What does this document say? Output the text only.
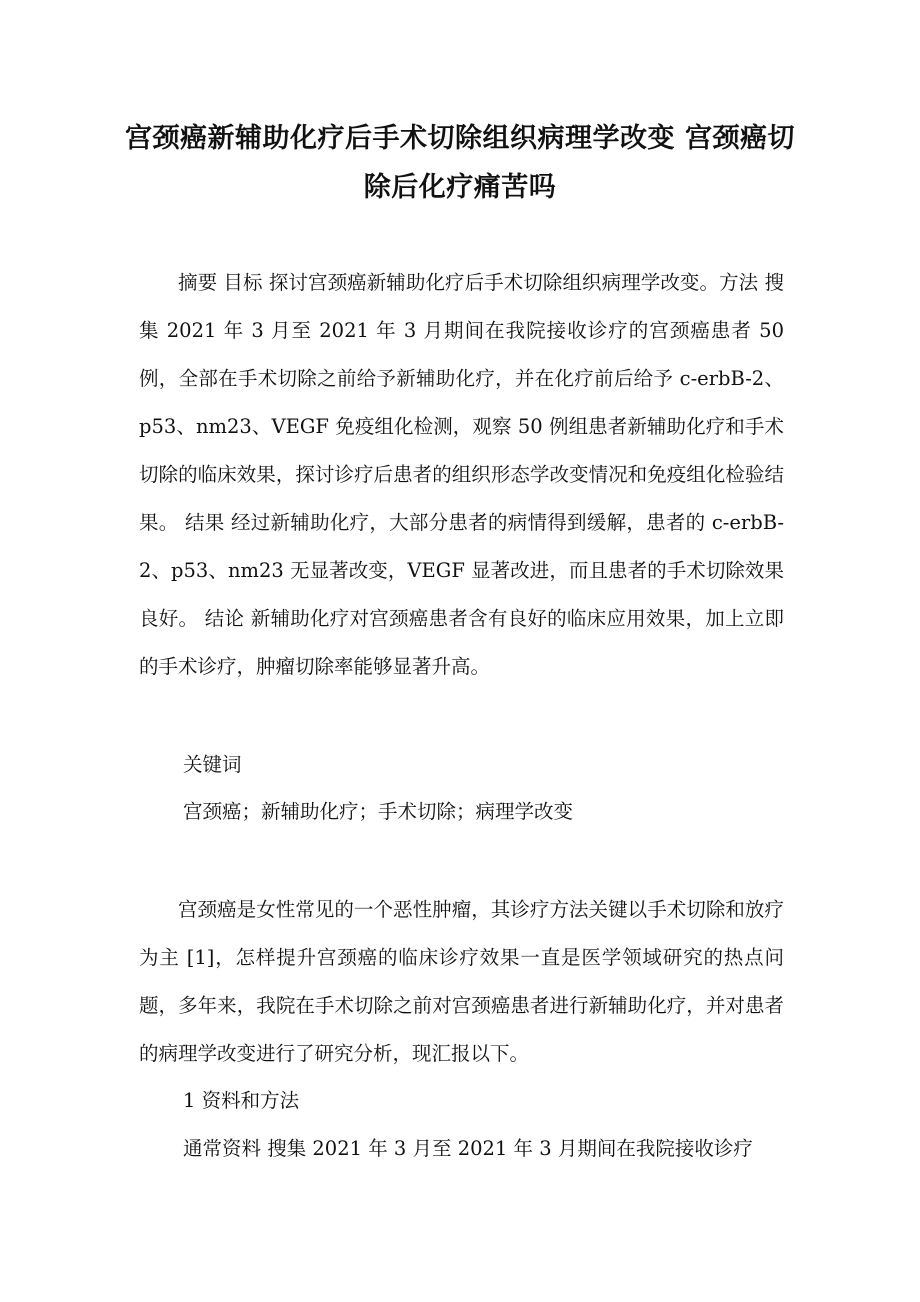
宫颈癌新辅助化疗后手术切除组织病理学改变 宫颈癌切除后化疗痛苦吗

摘要 目标 探讨宫颈癌新辅助化疗后手术切除组织病理学改变。方法 搜集 2021 年 3 月至 2021 年 3 月期间在我院接收诊疗的宫颈癌患者 50 例，全部在手术切除之前给予新辅助化疗，并在化疗前后给予 c-erbB-2、p53、nm23、VEGF 免疫组化检测，观察 50 例组患者新辅助化疗和手术切除的临床效果，探讨诊疗后患者的组织形态学改变情况和免疫组化检验结果。 结果 经过新辅助化疗，大部分患者的病情得到缓解，患者的 c-erbB-2、p53、nm23 无显著改变，VEGF 显著改进，而且患者的手术切除效果良好。 结论 新辅助化疗对宫颈癌患者含有良好的临床应用效果，加上立即的手术诊疗，肿瘤切除率能够显著升高。

关键词

宫颈癌；新辅助化疗；手术切除；病理学改变

宫颈癌是女性常见的一个恶性肿瘤，其诊疗方法关键以手术切除和放疗为主 [1]，怎样提升宫颈癌的临床诊疗效果一直是医学领域研究的热点问题，多年来，我院在手术切除之前对宫颈癌患者进行新辅助化疗，并对患者的病理学改变进行了研究分析，现汇报以下。

1 资料和方法

通常资料 搜集 2021 年 3 月至 2021 年 3 月期间在我院接收诊疗
